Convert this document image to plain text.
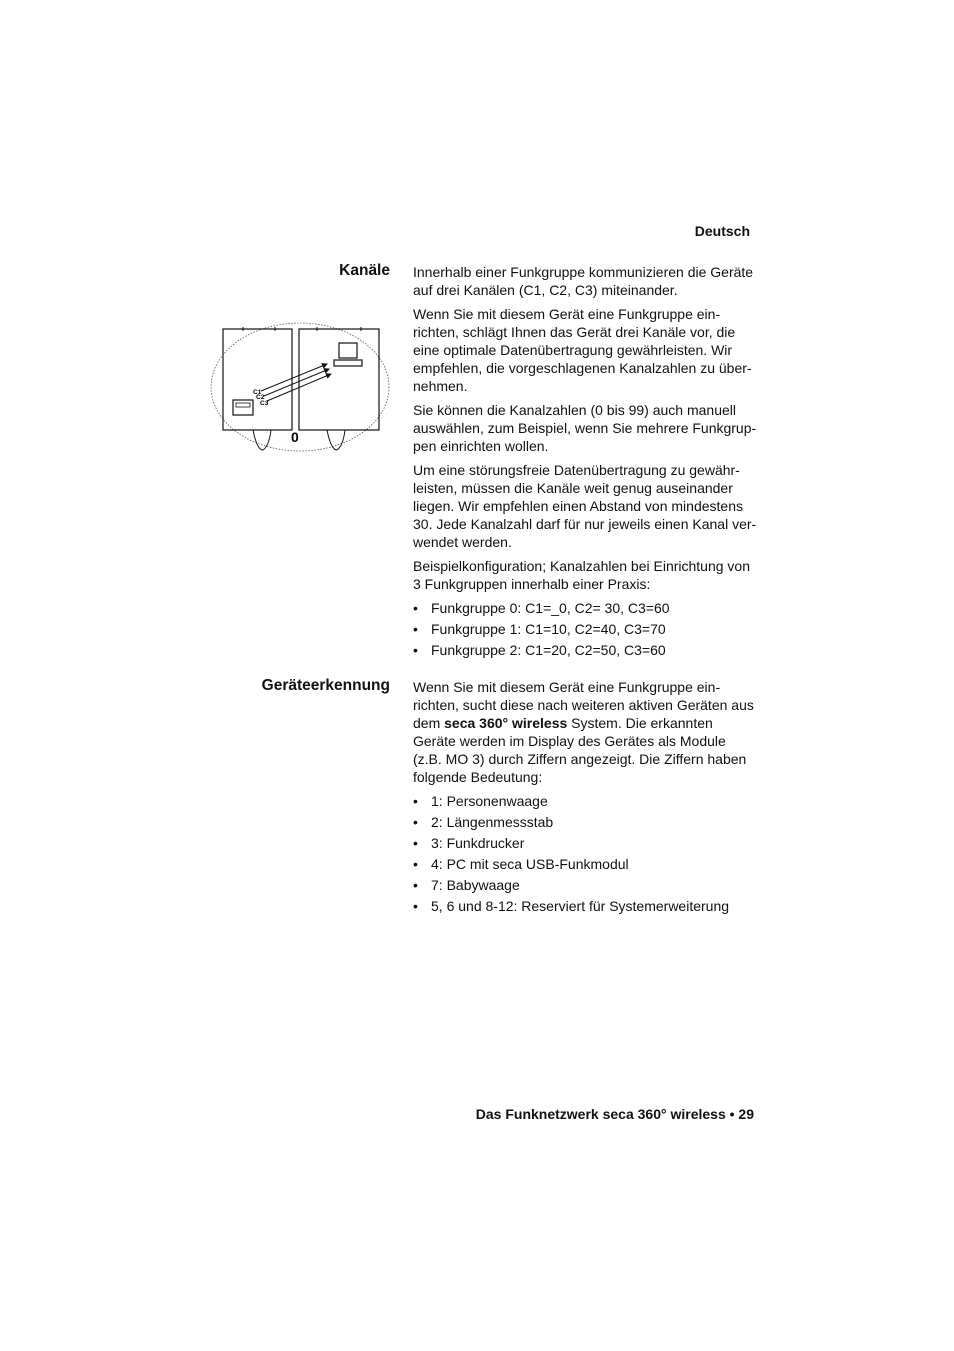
Deutsch
Kanäle Innerhalb einer Funkgruppe kommunizieren die Geräte auf drei Kanälen (C1, C2, C3) miteinander.

Wenn Sie mit diesem Gerät eine Funkgruppe ein-richten, schlägt Ihnen das Gerät drei Kanäle vor, die eine optimale Datenübertragung gewährleisten. Wir empfehlen, die vorgeschlagenen Kanalzahlen zu über-nehmen.

Sie können die Kanalzahlen (0 bis 99) auch manuell auswählen, zum Beispiel, wenn Sie mehrere Funkgrup-pen einrichten wollen.

Um eine störungsfreie Datenübertragung zu gewähr-leisten, müssen die Kanäle weit genug auseinander liegen. Wir empfehlen einen Abstand von mindestens 30. Jede Kanalzahl darf für nur jeweils einen Kanal ver-wendet werden.

Beispielkonfiguration; Kanalzahlen bei Einrichtung von 3 Funkgruppen innerhalb einer Praxis:

• Funkgruppe 0: C1=_0, C2= 30, C3=60
• Funkgruppe 1: C1=10, C2=40, C3=70
• Funkgruppe 2: C1=20, C2=50, C3=60
C1
C2
C3
0
Geräteerkennung Wenn Sie mit diesem Gerät eine Funkgruppe ein-richten, sucht diese nach weiteren aktiven Geräten aus dem seca 360° wireless System. Die erkannten Geräte werden im Display des Gerätes als Module (z.B. MO 3) durch Ziffern angezeigt. Die Ziffern haben folgende Bedeutung:

• 1: Personenwaage
• 2: Längenmessstab
• 3: Funkdrucker
• 4: PC mit seca USB-Funkmodul
• 7: Babywaage
• 5, 6 und 8-12: Reserviert für Systemerweiterung
Das Funknetzwerk seca 360° wireless • 29
